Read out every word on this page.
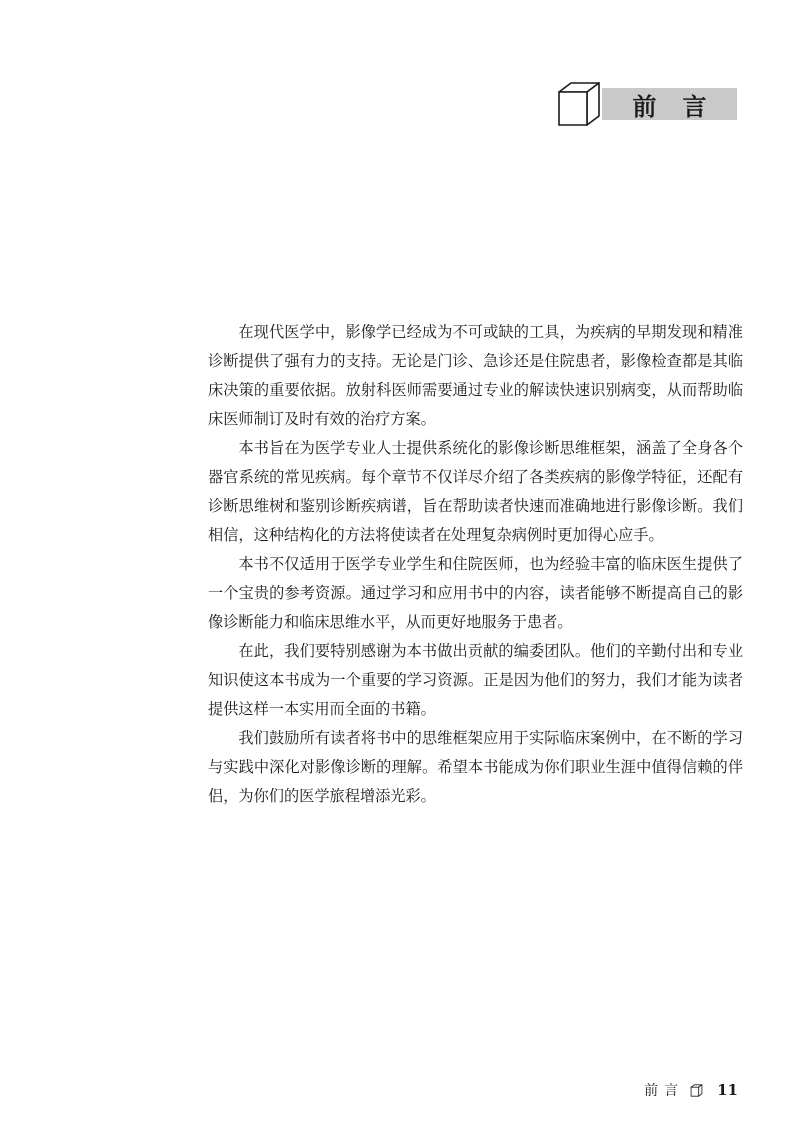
前言

在现代医学中，影像学已经成为不可或缺的工具，为疾病的早期发现和精准诊断提供了强有力的支持。无论是门诊、急诊还是住院患者，影像检查都是其临床决策的重要依据。放射科医师需要通过专业的解读快速识别病变，从而帮助临床医师制订及时有效的治疗方案。

本书旨在为医学专业人士提供系统化的影像诊断思维框架，涵盖了全身各个器官系统的常见疾病。每个章节不仅详尽介绍了各类疾病的影像学特征，还配有诊断思维树和鉴别诊断疾病谱，旨在帮助读者快速而准确地进行影像诊断。我们相信，这种结构化的方法将使读者在处理复杂病例时更加得心应手。

本书不仅适用于医学专业学生和住院医师，也为经验丰富的临床医生提供了一个宝贵的参考资源。通过学习和应用书中的内容，读者能够不断提高自己的影像诊断能力和临床思维水平，从而更好地服务于患者。

在此，我们要特别感谢为本书做出贡献的编委团队。他们的辛勤付出和专业知识使这本书成为一个重要的学习资源。正是因为他们的努力，我们才能为读者提供这样一本实用而全面的书籍。

我们鼓励所有读者将书中的思维框架应用于实际临床案例中，在不断的学习与实践中深化对影像诊断的理解。希望本书能成为你们职业生涯中值得信赖的伴侣，为你们的医学旅程增添光彩。

前言 11
